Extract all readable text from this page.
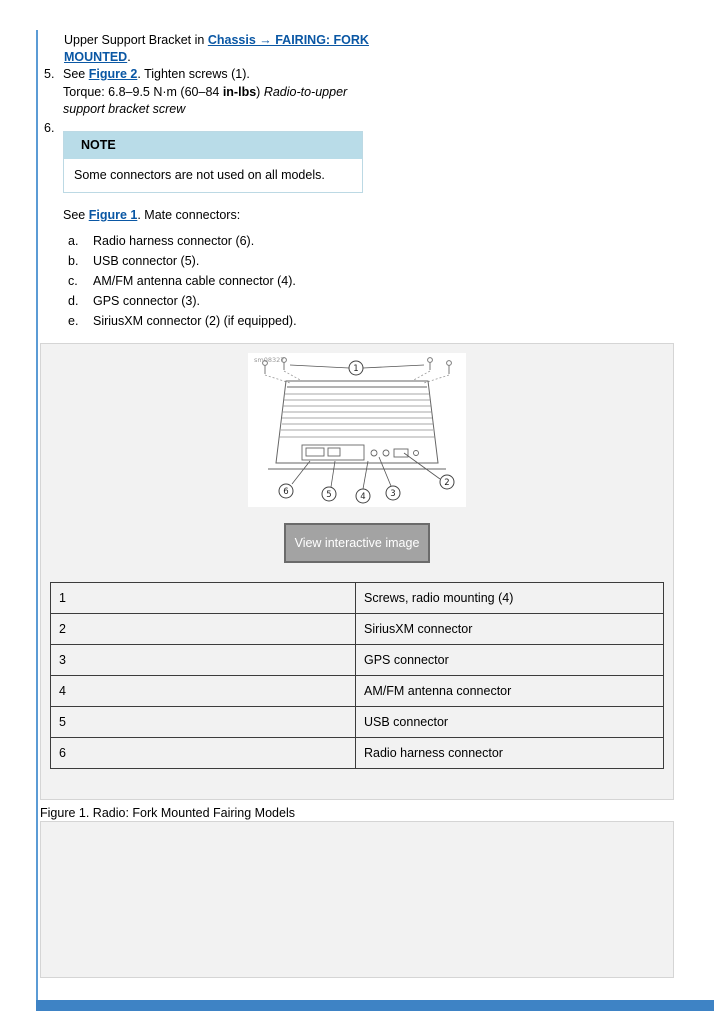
Upper Support Bracket in Chassis → FAIRING: FORK MOUNTED.
5. See Figure 2. Tighten screws (1).
Torque: 6.8–9.5 N·m (60–84 in-lbs) Radio-to-upper support bracket screw
6.
NOTE
Some connectors are not used on all models.
See Figure 1. Mate connectors:
a.	Radio harness connector (6).
b.	USB connector (5).
c.	AM/FM antenna cable connector (4).
d.	GPS connector (3).
e.	SiriusXM connector (2) (if equipped).
sm08327
1
2
3
4
5
6
View interactive image
1	Screws, radio mounting (4)
2	SiriusXM connector
3	GPS connector
4	AM/FM antenna connector
5	USB connector
6	Radio harness connector
Figure 1. Radio: Fork Mounted Fairing Models
